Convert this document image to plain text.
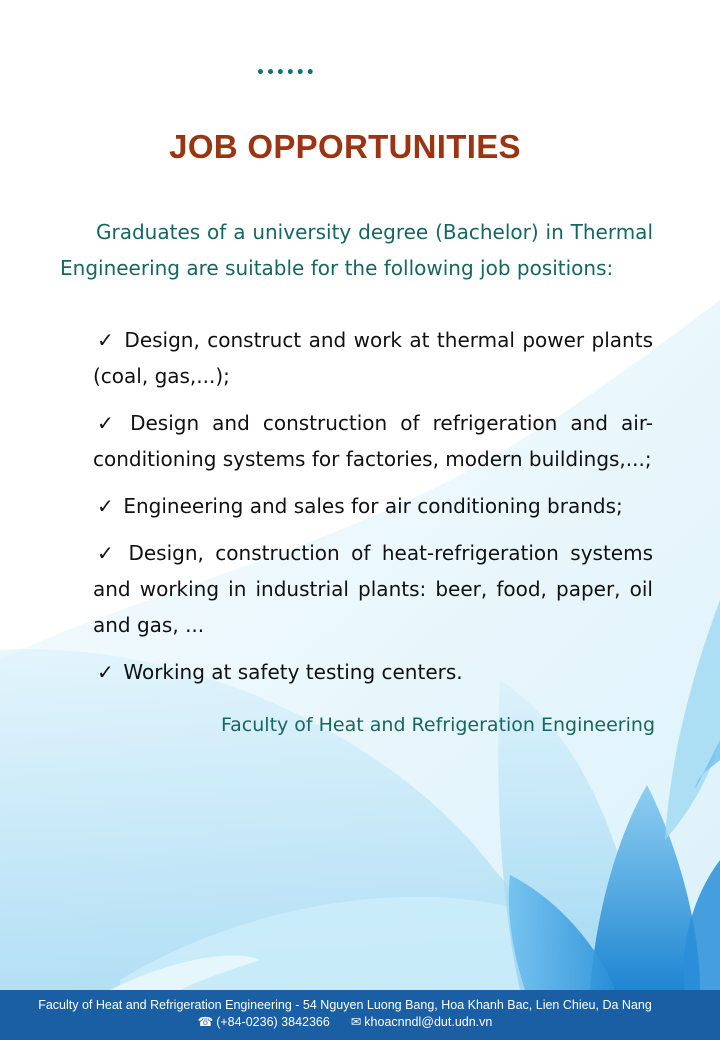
••••••
JOB OPPORTUNITIES
Graduates of a university degree (Bachelor) in Thermal Engineering are suitable for the following job positions:
✓ Design, construct and work at thermal power plants (coal, gas,...);
✓ Design and construction of refrigeration and air-conditioning systems for factories, modern buildings,...;
✓ Engineering and sales for air conditioning brands;
✓ Design, construction of heat-refrigeration systems and working in industrial plants: beer, food, paper, oil and gas, ...
✓ Working at safety testing centers.
Faculty of Heat and Refrigeration Engineering
Faculty of Heat and Refrigeration Engineering - 54 Nguyen Luong Bang, Hoa Khanh Bac, Lien Chieu, Da Nang
☎ (+84-0236) 3842366 ✉ khoacnndl@dut.udn.vn
